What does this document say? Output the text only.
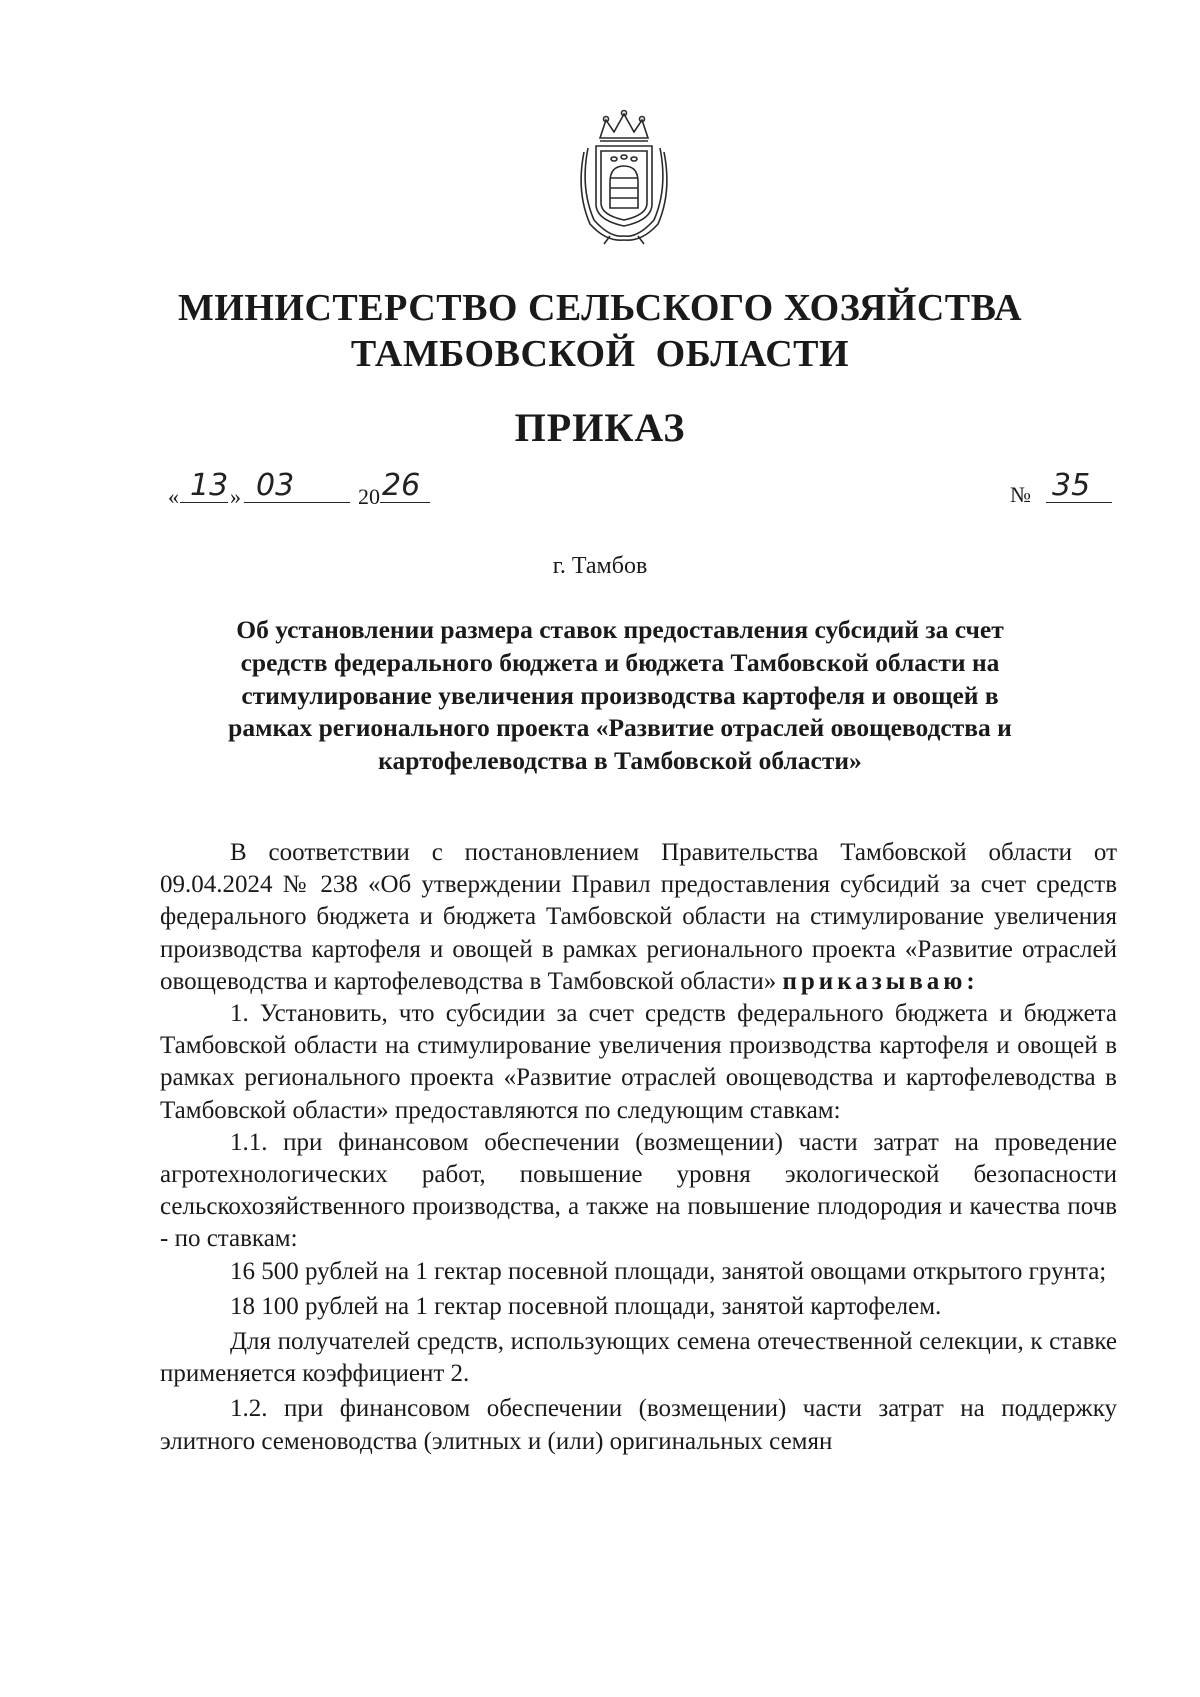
МИНИСТЕРСТВО СЕЛЬСКОГО ХОЗЯЙСТВА
ТАМБОВСКОЙ  ОБЛАСТИ
ПРИКАЗ
« 13 » 03	20 26	№ 35
г. Тамбов
Об установлении размера ставок предоставления субсидий за счет
средств федерального бюджета и бюджета Тамбовской области на
стимулирование увеличения производства картофеля и овощей в
рамках регионального проекта «Развитие отраслей овощеводства и
картофелеводства в Тамбовской области»

В соответствии с постановлением Правительства Тамбовской области от 09.04.2024 № 238 «Об утверждении Правил предоставления субсидий за счет средств федерального бюджета и бюджета Тамбовской области на стимулирование увеличения производства картофеля и овощей в рамках регионального проекта «Развитие отраслей овощеводства и картофелеводства в Тамбовской области» приказываю:

1. Установить, что субсидии за счет средств федерального бюджета и бюджета Тамбовской области на стимулирование увеличения производства картофеля и овощей в рамках регионального проекта «Развитие отраслей овощеводства и картофелеводства в Тамбовской области» предоставляются по следующим ставкам:

1.1. при финансовом обеспечении (возмещении) части затрат на проведение агротехнологических работ, повышение уровня экологической безопасности сельскохозяйственного производства, а также на повышение плодородия и качества почв - по ставкам:

16 500 рублей на 1 гектар посевной площади, занятой овощами открытого грунта;

18 100 рублей на 1 гектар посевной площади, занятой картофелем.

Для получателей средств, использующих семена отечественной селекции, к ставке применяется коэффициент 2.

1.2. при финансовом обеспечении (возмещении) части затрат на поддержку элитного семеноводства (элитных и (или) оригинальных семян
